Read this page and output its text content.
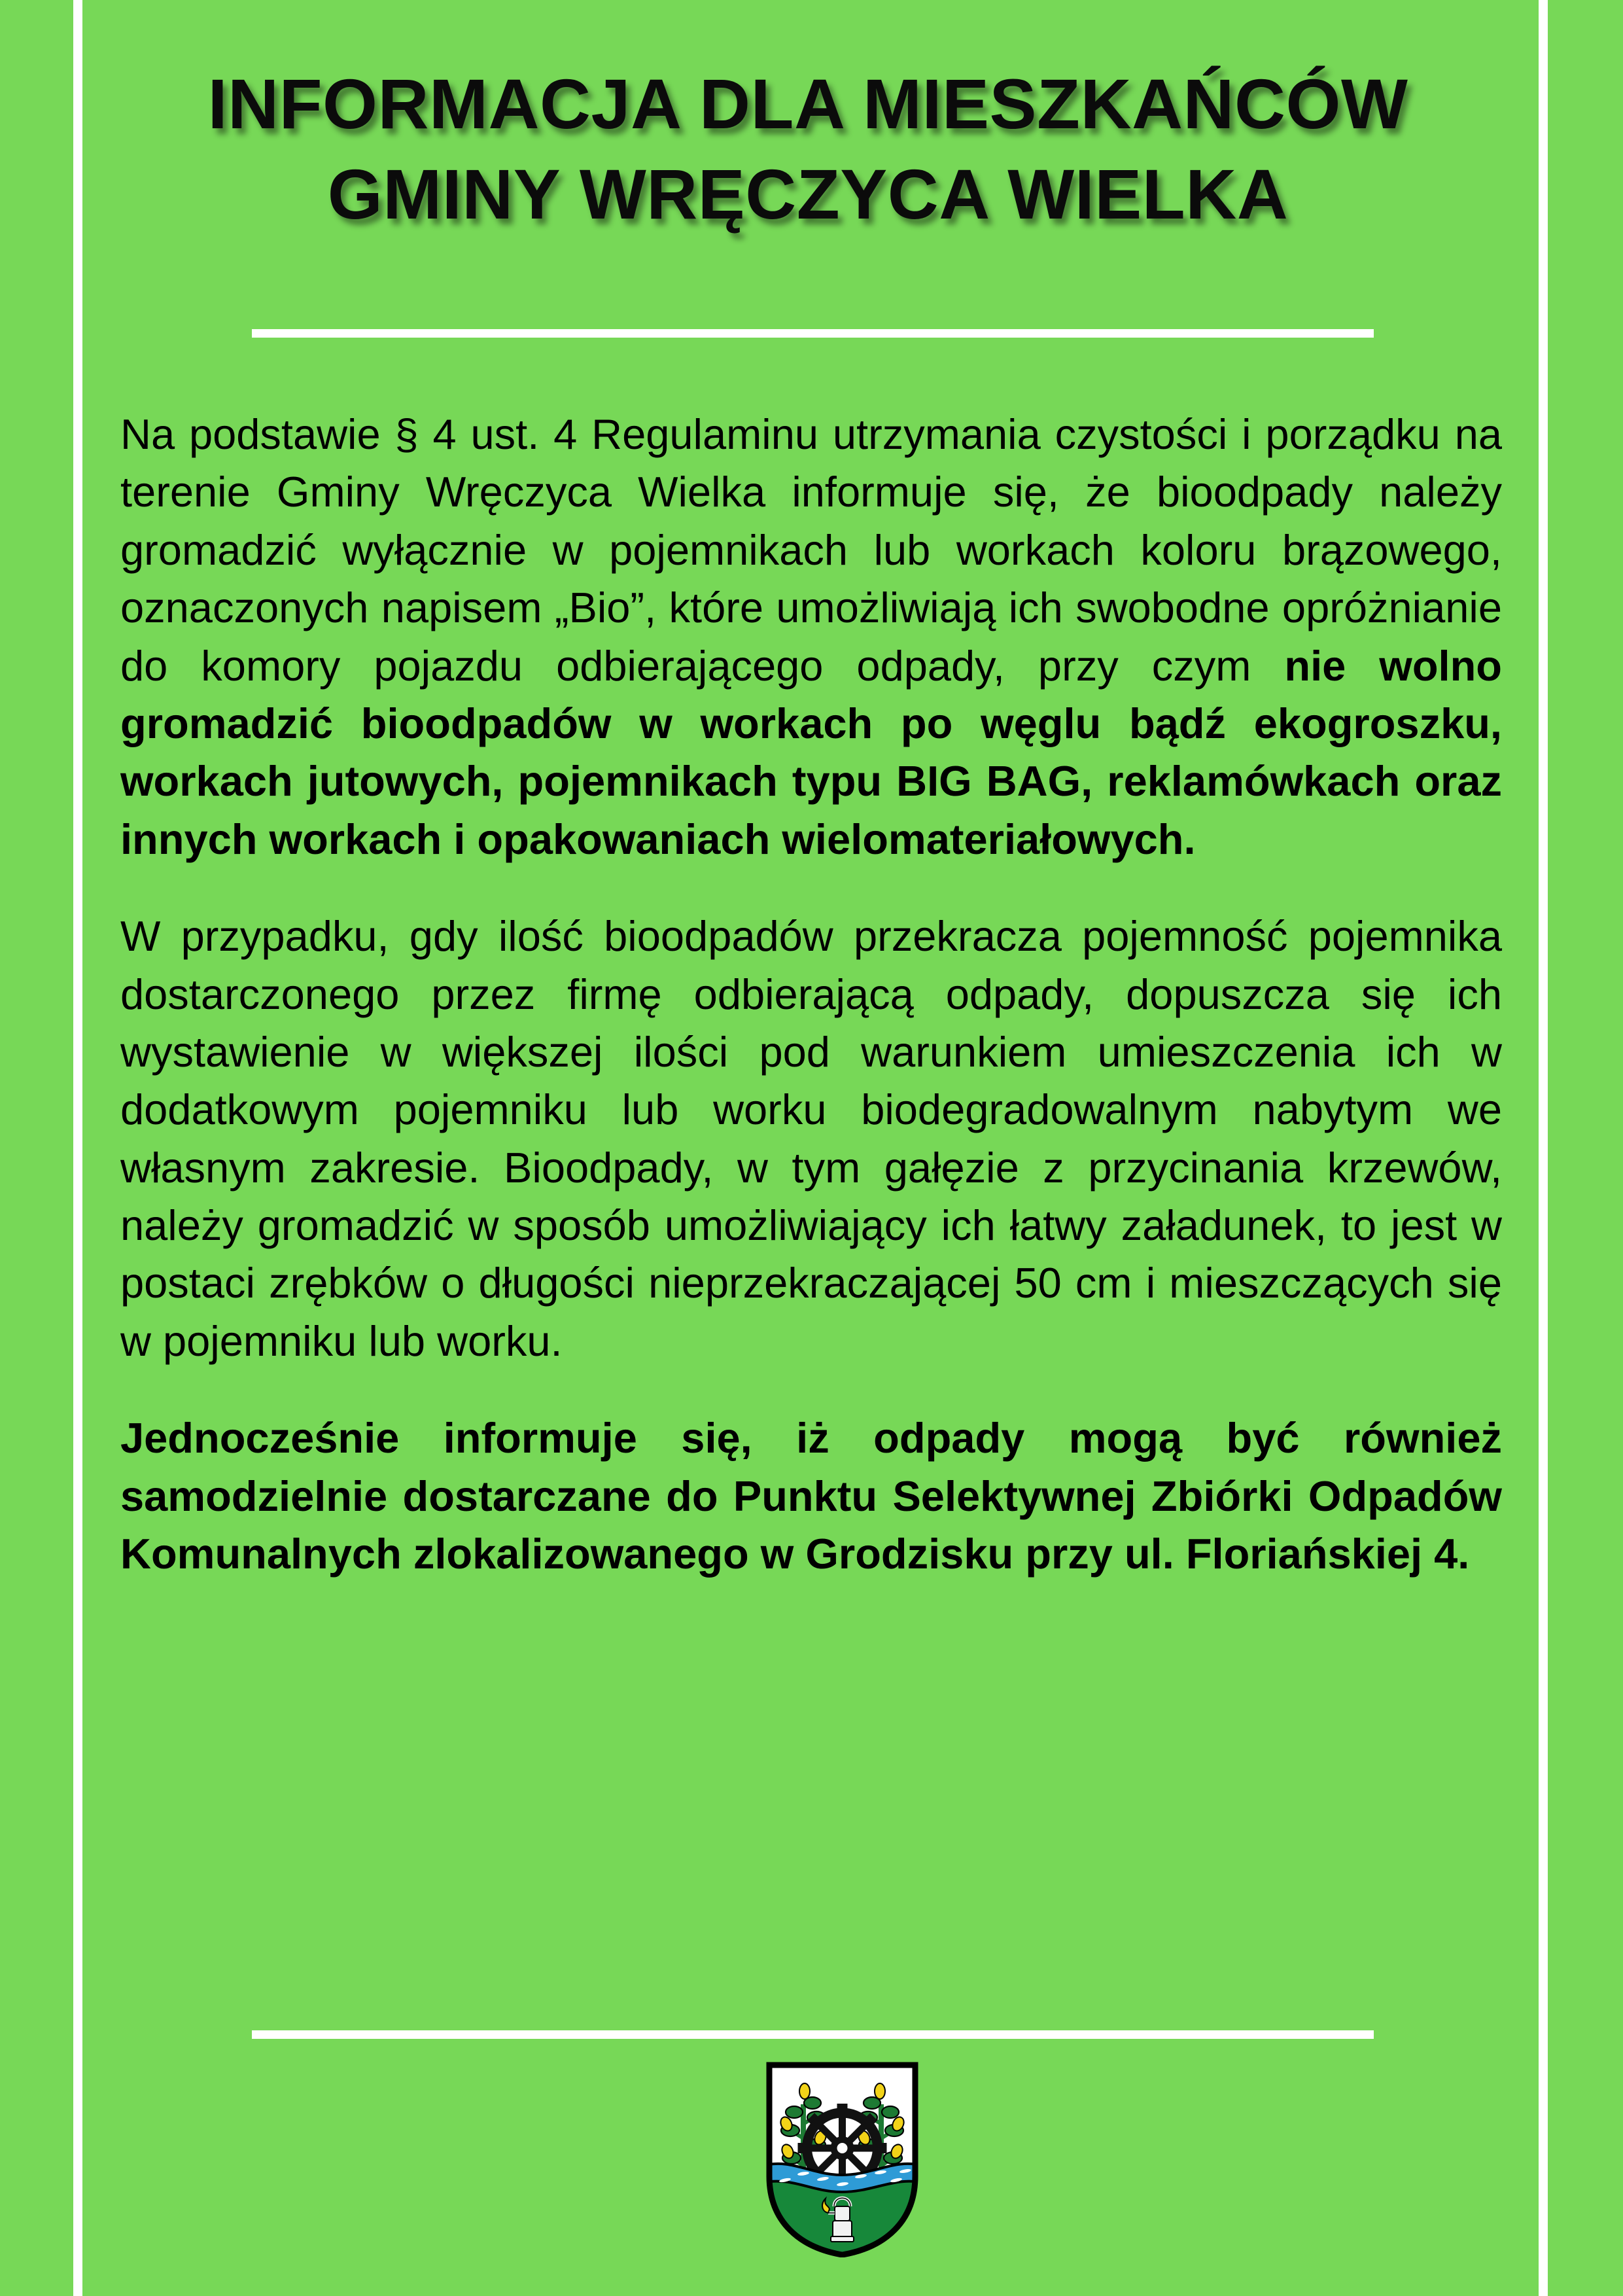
INFORMACJA DLA MIESZKAŃCÓW
GMINY WRĘCZYCA WIELKA

Na podstawie § 4 ust. 4 Regulaminu utrzymania czystości i porządku na terenie Gminy Wręczyca Wielka informuje się, że bioodpady należy gromadzić wyłącznie w pojemnikach lub workach koloru brązowego, oznaczonych napisem „Bio”, które umożliwiają ich swobodne opróżnianie do komory pojazdu odbierającego odpady, przy czym nie wolno gromadzić bioodpadów w workach po węglu bądź ekogroszku, workach jutowych, pojemnikach typu BIG BAG, reklamówkach oraz innych workach i opakowaniach wielomateriałowych.

W przypadku, gdy ilość bioodpadów przekracza pojemność pojemnika dostarczonego przez firmę odbierającą odpady, dopuszcza się ich wystawienie w większej ilości pod warunkiem umieszczenia ich w dodatkowym pojemniku lub worku biodegradowalnym nabytym we własnym zakresie. Bioodpady, w tym gałęzie z przycinania krzewów, należy gromadzić w sposób umożliwiający ich łatwy załadunek, to jest w postaci zrębków o długości nieprzekraczającej 50 cm i mieszczących się w pojemniku lub worku.

Jednocześnie informuje się, iż odpady mogą być również samodzielnie dostarczane do Punktu Selektywnej Zbiórki Odpadów Komunalnych zlokalizowanego w Grodzisku przy ul. Floriańskiej 4.
